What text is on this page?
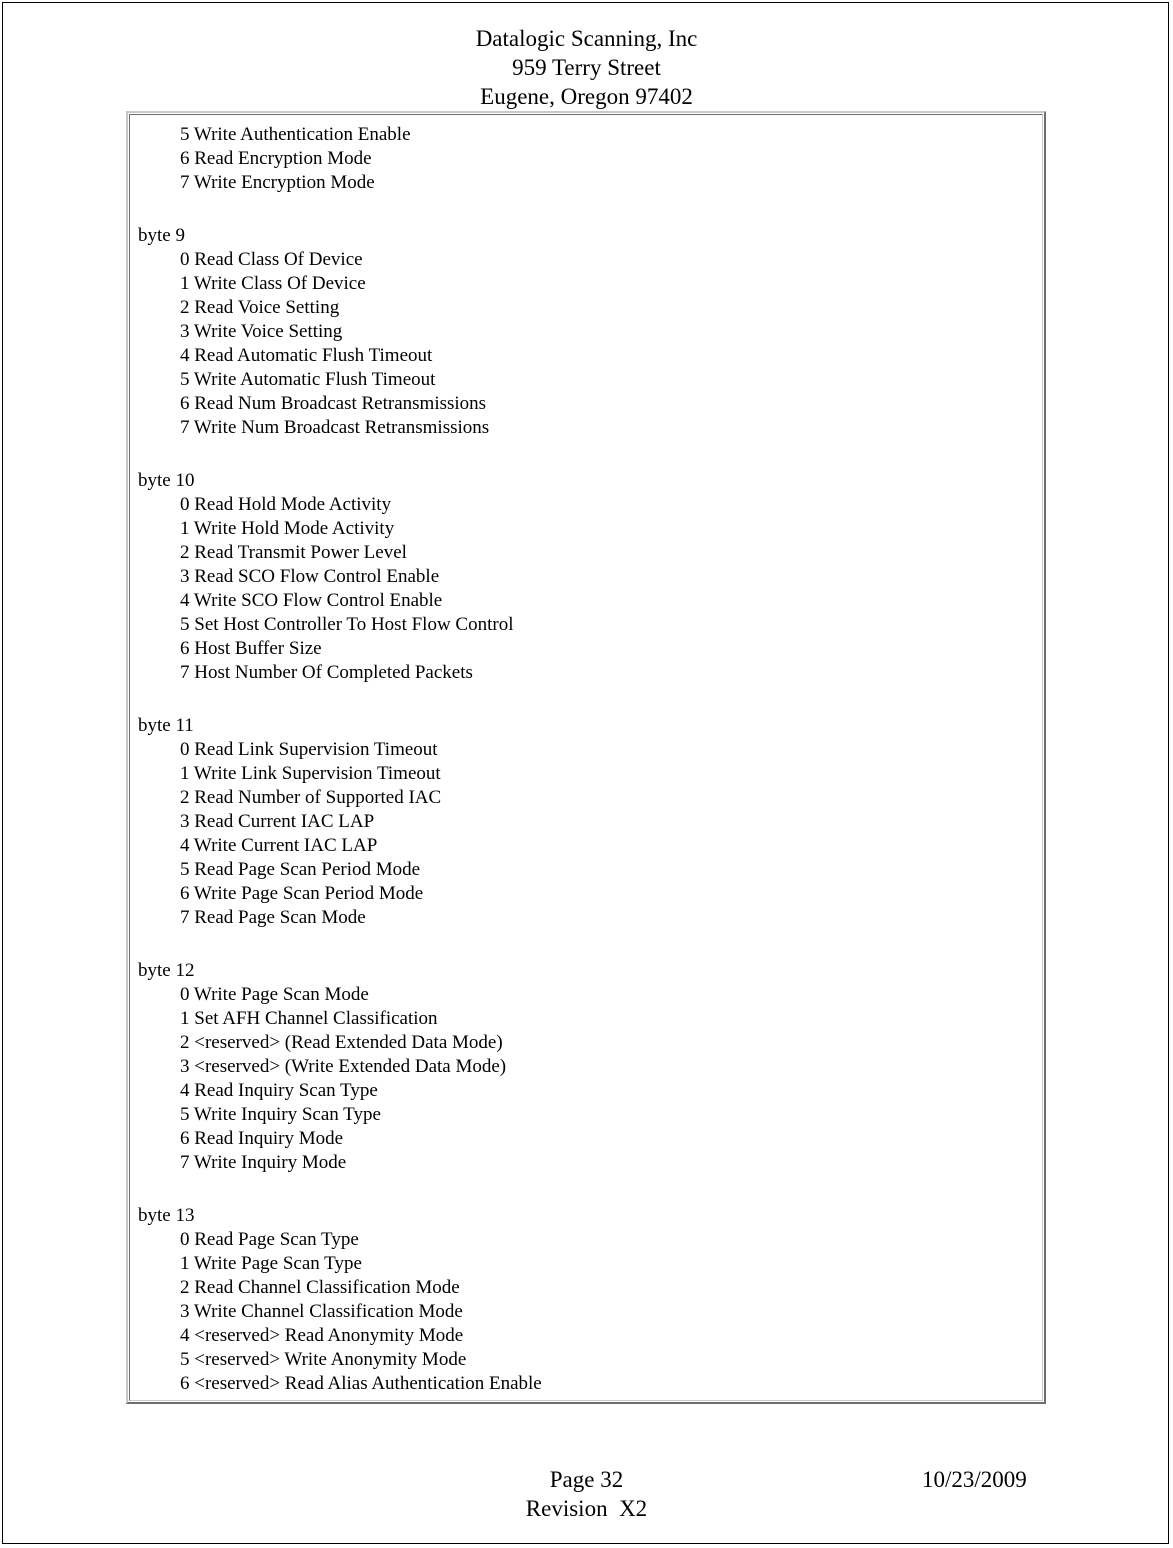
Datalogic Scanning, Inc
959 Terry Street
Eugene, Oregon 97402
5 Write Authentication Enable
6 Read Encryption Mode
7 Write Encryption Mode
byte 9
0 Read Class Of Device
1 Write Class Of Device
2 Read Voice Setting
3 Write Voice Setting
4 Read Automatic Flush Timeout
5 Write Automatic Flush Timeout
6 Read Num Broadcast Retransmissions
7 Write Num Broadcast Retransmissions
byte 10
0 Read Hold Mode Activity
1 Write Hold Mode Activity
2 Read Transmit Power Level
3 Read SCO Flow Control Enable
4 Write SCO Flow Control Enable
5 Set Host Controller To Host Flow Control
6 Host Buffer Size
7 Host Number Of Completed Packets
byte 11
0 Read Link Supervision Timeout
1 Write Link Supervision Timeout
2 Read Number of Supported IAC
3 Read Current IAC LAP
4 Write Current IAC LAP
5 Read Page Scan Period Mode
6 Write Page Scan Period Mode
7 Read Page Scan Mode
byte 12
0 Write Page Scan Mode
1 Set AFH Channel Classification
2 <reserved> (Read Extended Data Mode)
3 <reserved> (Write Extended Data Mode)
4 Read Inquiry Scan Type
5 Write Inquiry Scan Type
6 Read Inquiry Mode
7 Write Inquiry Mode
byte 13
0 Read Page Scan Type
1 Write Page Scan Type
2 Read Channel Classification Mode
3 Write Channel Classification Mode
4 <reserved> Read Anonymity Mode
5 <reserved> Write Anonymity Mode
6 <reserved> Read Alias Authentication Enable
Page 32	10/23/2009
Revision  X2
